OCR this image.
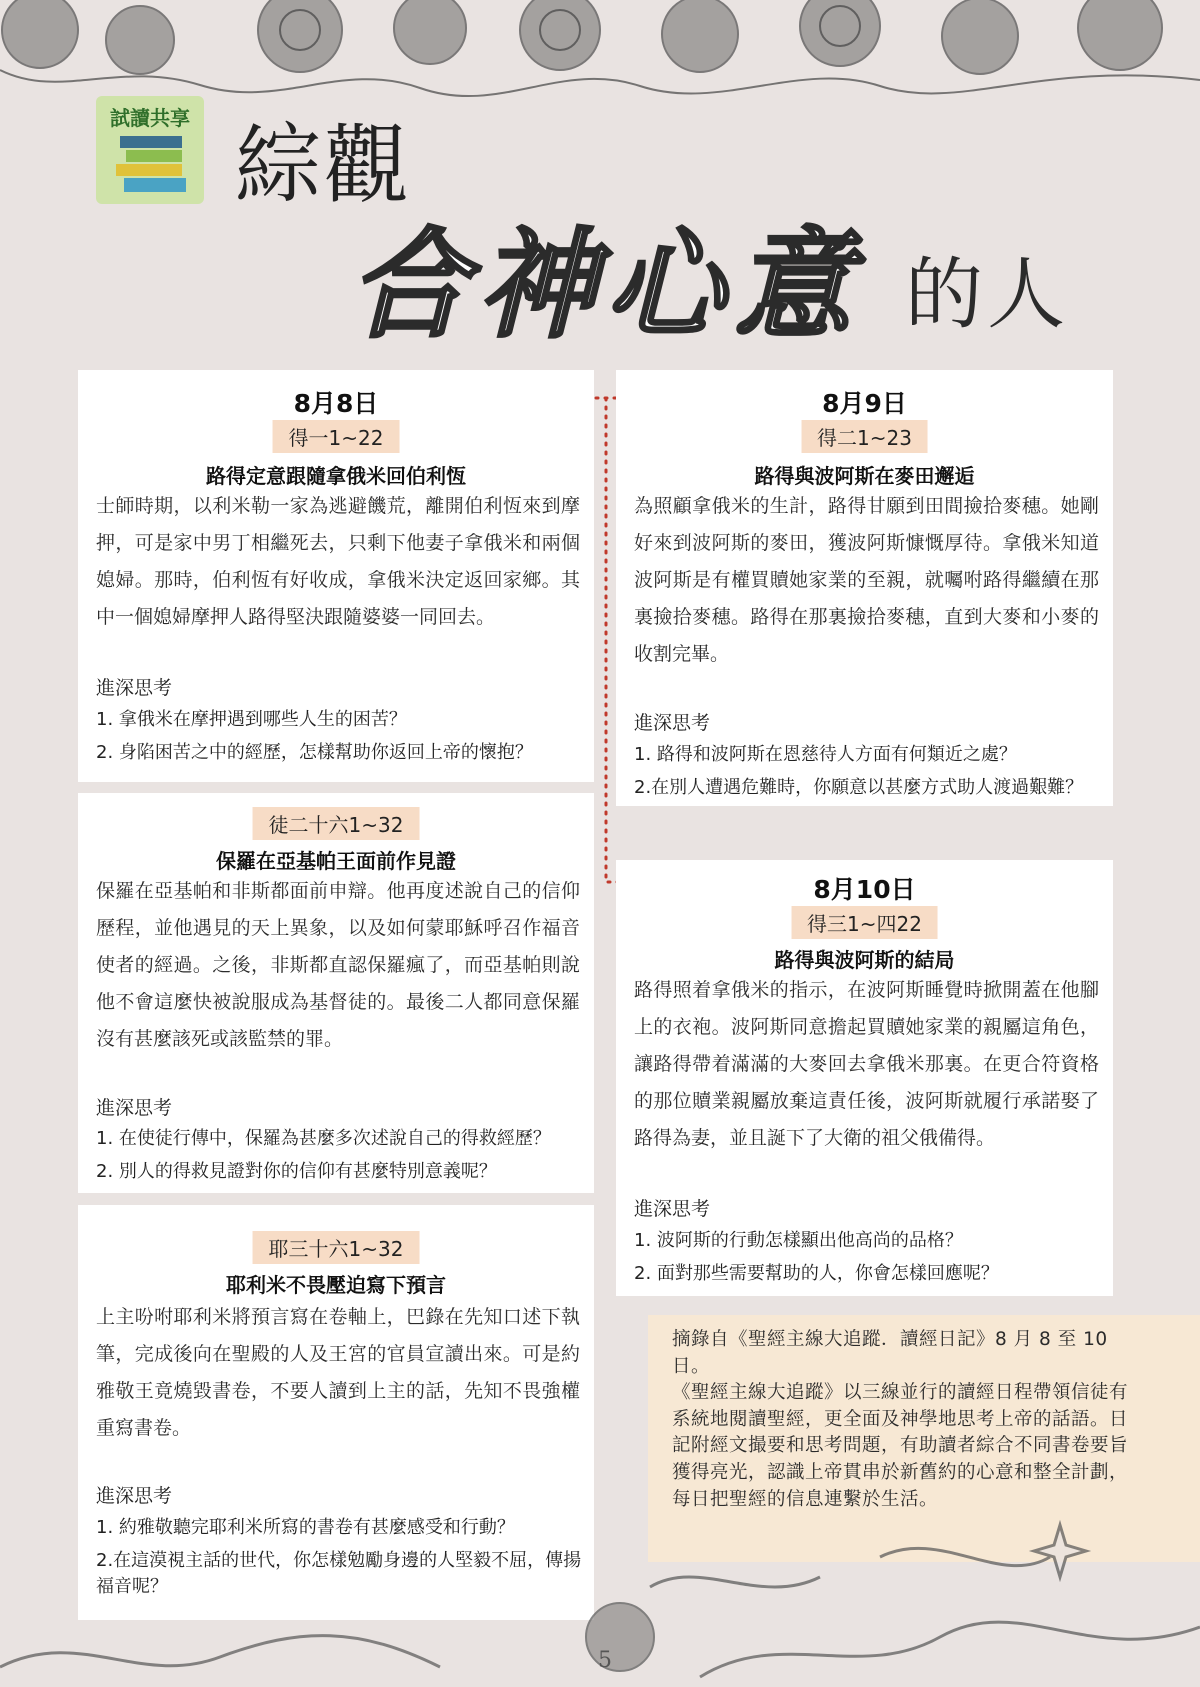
試讀共享 綜觀
合神心意 的人
8月8日
得一1~22
路得定意跟隨拿俄米回伯利恆
士師時期，以利米勒一家為逃避饑荒，離開伯利恆來到摩押，可是家中男丁相繼死去，只剩下他妻子拿俄米和兩個媳婦。那時，伯利恆有好收成，拿俄米決定返回家鄉。其中一個媳婦摩押人路得堅決跟隨婆婆一同回去。
進深思考
1. 拿俄米在摩押遇到哪些人生的困苦？
2. 身陷困苦之中的經歷，怎樣幫助你返回上帝的懷抱？
8月9日
得二1~23
路得與波阿斯在麥田邂逅
為照顧拿俄米的生計，路得甘願到田間撿拾麥穗。她剛好來到波阿斯的麥田，獲波阿斯慷慨厚待。拿俄米知道波阿斯是有權買贖她家業的至親，就囑咐路得繼續在那裏撿拾麥穗。路得在那裏撿拾麥穗，直到大麥和小麥的收割完畢。
進深思考
1. 路得和波阿斯在恩慈待人方面有何類近之處？
2.在別人遭遇危難時，你願意以甚麼方式助人渡過艱難？
徒二十六1~32
保羅在亞基帕王面前作見證
保羅在亞基帕和非斯都面前申辯。他再度述說自己的信仰歷程，並他遇見的天上異象，以及如何蒙耶穌呼召作福音使者的經過。之後，非斯都直認保羅瘋了，而亞基帕則說他不會這麼快被說服成為基督徒的。最後二人都同意保羅沒有甚麼該死或該監禁的罪。
進深思考
1. 在使徒行傳中，保羅為甚麼多次述說自己的得救經歷？
2. 別人的得救見證對你的信仰有甚麼特別意義呢？
8月10日
得三1~四22
路得與波阿斯的結局
路得照着拿俄米的指示，在波阿斯睡覺時掀開蓋在他腳上的衣袍。波阿斯同意擔起買贖她家業的親屬這角色，讓路得帶着滿滿的大麥回去拿俄米那裏。在更合符資格的那位贖業親屬放棄這責任後，波阿斯就履行承諾娶了路得為妻，並且誕下了大衛的祖父俄備得。
進深思考
1. 波阿斯的行動怎樣顯出他高尚的品格？
2. 面對那些需要幫助的人，你會怎樣回應呢？
耶三十六1~32
耶利米不畏壓迫寫下預言
上主吩咐耶利米將預言寫在卷軸上，巴錄在先知口述下執筆，完成後向在聖殿的人及王宮的官員宣讀出來。可是約雅敬王竟燒毀書卷，不要人讀到上主的話，先知不畏強權重寫書卷。
進深思考
1. 約雅敬聽完耶利米所寫的書卷有甚麼感受和行動？
2.在這漠視主話的世代，你怎樣勉勵身邊的人堅毅不屈，傳揚福音呢？
摘錄自《聖經主線大追蹤．讀經日記》8 月 8 至 10 日。
《聖經主線大追蹤》以三線並行的讀經日程帶領信徒有系統地閱讀聖經，更全面及神學地思考上帝的話語。日記附經文撮要和思考問題，有助讀者綜合不同書卷要旨獲得亮光，認識上帝貫串於新舊約的心意和整全計劃，每日把聖經的信息連繫於生活。
5
